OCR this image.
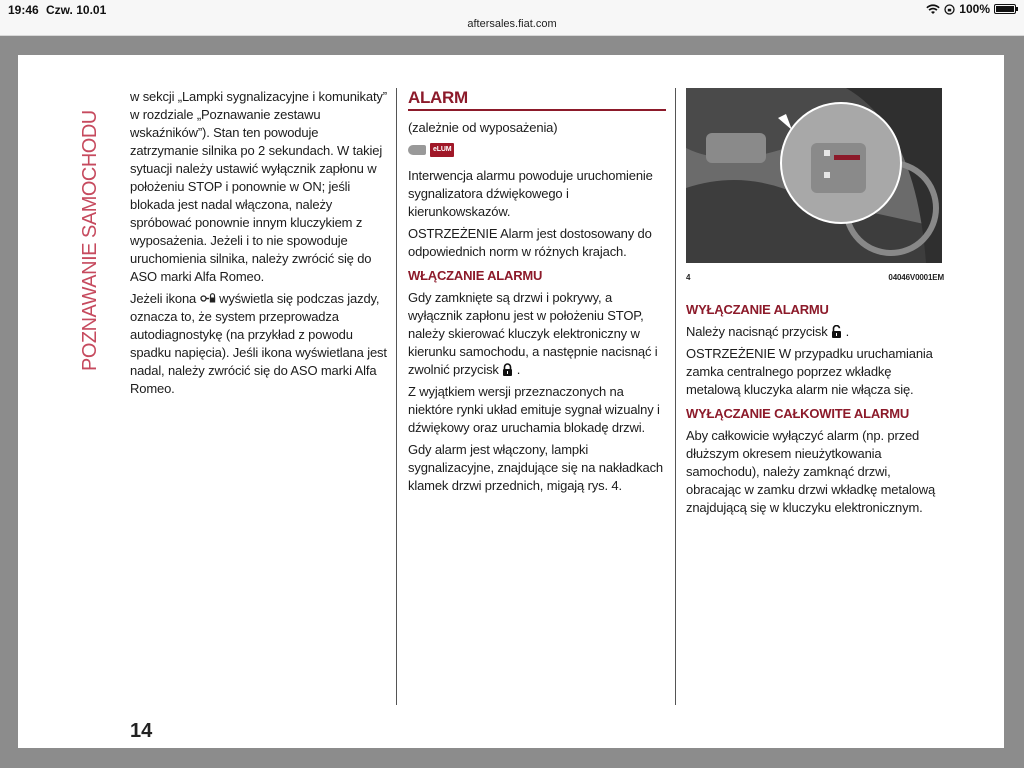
19:46 Czw. 10.01
aftersales.fiat.com
100%
POZNAWANIE SAMOCHODU

w sekcji „Lampki sygnalizacyjne i komunikaty” w rozdziale „Poznawanie zestawu wskaźników”). Stan ten powoduje zatrzymanie silnika po 2 sekundach. W takiej sytuacji należy ustawić wyłącznik zapłonu w położeniu STOP i ponownie w ON; jeśli blokada jest nadal włączona, należy spróbować ponownie innym kluczykiem z wyposażenia. Jeżeli i to nie spowoduje uruchomienia silnika, należy zwrócić się do ASO marki Alfa Romeo.

Jeżeli ikona wyświetla się podczas jazdy, oznacza to, że system przeprowadza autodiagnostykę (na przykład z powodu spadku napięcia). Jeśli ikona wyświetlana jest nadal, należy zwrócić się do ASO marki Alfa Romeo.

ALARM

(zależnie od wyposażenia)

eLUM

Interwencja alarmu powoduje uruchomienie sygnalizatora dźwiękowego i kierunkowskazów.

OSTRZEŻENIE Alarm jest dostosowany do odpowiednich norm w różnych krajach.

WŁĄCZANIE ALARMU

Gdy zamknięte są drzwi i pokrywy, a wyłącznik zapłonu jest w położeniu STOP, należy skierować kluczyk elektroniczny w kierunku samochodu, a następnie nacisnąć i zwolnić przycisk .

Z wyjątkiem wersji przeznaczonych na niektóre rynki układ emituje sygnał wizualny i dźwiękowy oraz uruchamia blokadę drzwi.

Gdy alarm jest włączony, lampki sygnalizacyjne, znajdujące się na nakładkach klamek drzwi przednich, migają rys. 4.

4	04046V0001EM
WYŁĄCZANIE ALARMU

Należy nacisnąć przycisk .

OSTRZEŻENIE W przypadku uruchamiania zamka centralnego poprzez wkładkę metalową kluczyka alarm nie włącza się.

WYŁĄCZANIE CAŁKOWITE ALARMU

Aby całkowicie wyłączyć alarm (np. przed dłuższym okresem nieużytkowania samochodu), należy zamknąć drzwi, obracając w zamku drzwi wkładkę metalową znajdującą się w kluczyku elektronicznym.

14
